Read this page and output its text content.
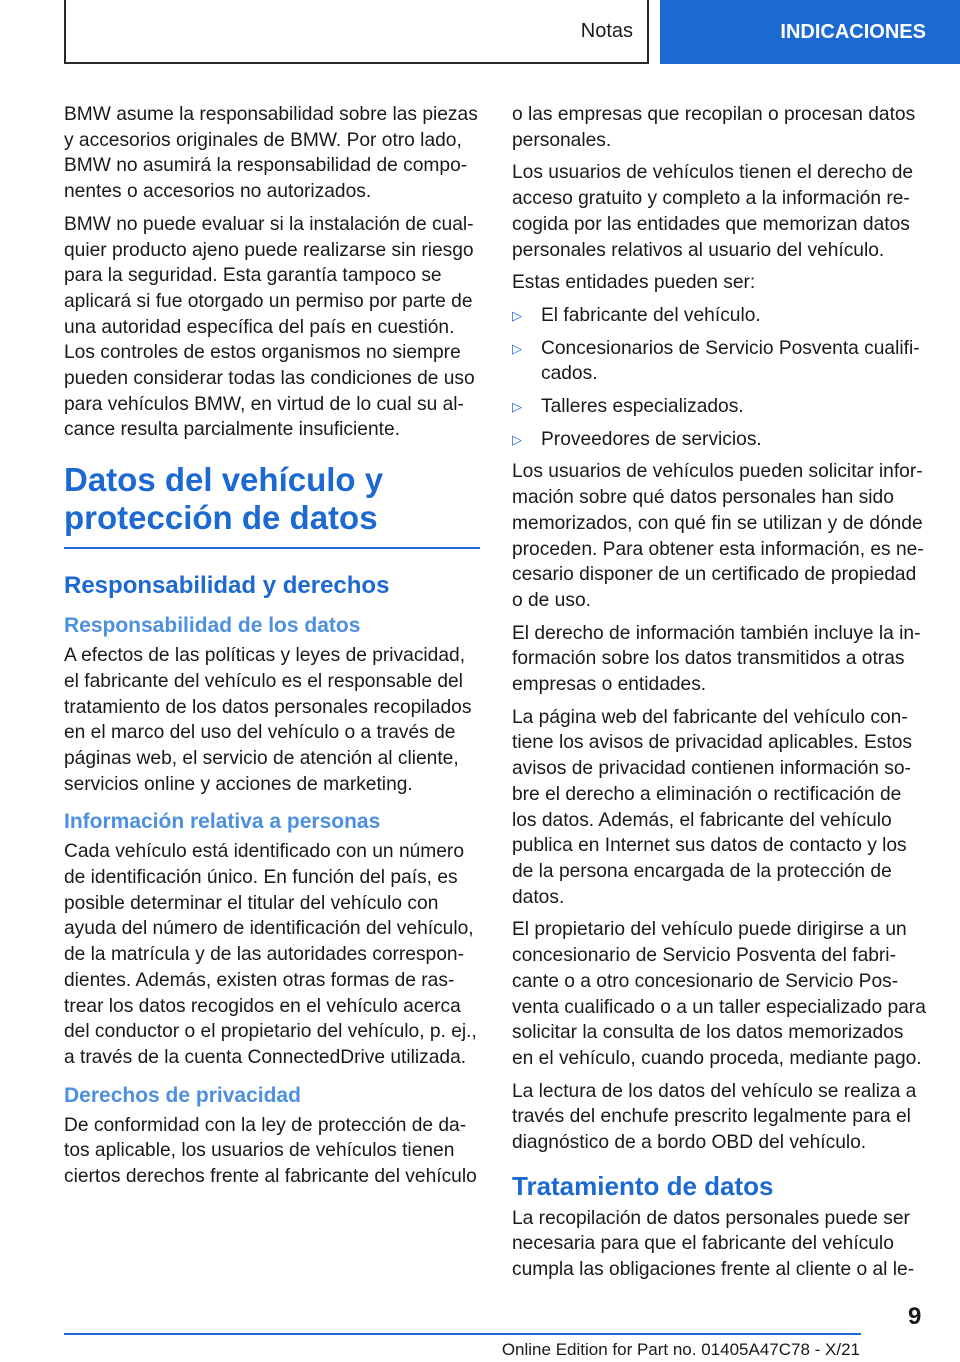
Notas	INDICACIONES

BMW asume la responsabilidad sobre las piezas y accesorios originales de BMW. Por otro lado, BMW no asumirá la responsabilidad de componentes o accesorios no autorizados.

BMW no puede evaluar si la instalación de cualquier producto ajeno puede realizarse sin riesgo para la seguridad. Esta garantía tampoco se aplicará si fue otorgado un permiso por parte de una autoridad específica del país en cuestión. Los controles de estos organismos no siempre pueden considerar todas las condiciones de uso para vehículos BMW, en virtud de lo cual su alcance resulta parcialmente insuficiente.

Datos del vehículo y protección de datos
Responsabilidad y derechos
Responsabilidad de los datos

A efectos de las políticas y leyes de privacidad, el fabricante del vehículo es el responsable del tratamiento de los datos personales recopilados en el marco del uso del vehículo o a través de páginas web, el servicio de atención al cliente, servicios online y acciones de marketing.

Información relativa a personas

Cada vehículo está identificado con un número de identificación único. En función del país, es posible determinar el titular del vehículo con ayuda del número de identificación del vehículo, de la matrícula y de las autoridades correspondientes. Además, existen otras formas de rastrear los datos recogidos en el vehículo acerca del conductor o el propietario del vehículo, p. ej., a través de la cuenta ConnectedDrive utilizada.

Derechos de privacidad

De conformidad con la ley de protección de datos aplicable, los usuarios de vehículos tienen ciertos derechos frente al fabricante del vehículo

o las empresas que recopilan o procesan datos personales.

Los usuarios de vehículos tienen el derecho de acceso gratuito y completo a la información recogida por las entidades que memorizan datos personales relativos al usuario del vehículo.

Estas entidades pueden ser:

▷ El fabricante del vehículo.
▷ Concesionarios de Servicio Posventa cualificados.
▷ Talleres especializados.
▷ Proveedores de servicios.

Los usuarios de vehículos pueden solicitar información sobre qué datos personales han sido memorizados, con qué fin se utilizan y de dónde proceden. Para obtener esta información, es necesario disponer de un certificado de propiedad o de uso.

El derecho de información también incluye la información sobre los datos transmitidos a otras empresas o entidades.

La página web del fabricante del vehículo contiene los avisos de privacidad aplicables. Estos avisos de privacidad contienen información sobre el derecho a eliminación o rectificación de los datos. Además, el fabricante del vehículo publica en Internet sus datos de contacto y los de la persona encargada de la protección de datos.

El propietario del vehículo puede dirigirse a un concesionario de Servicio Posventa del fabricante o a otro concesionario de Servicio Posventa cualificado o a un taller especializado para solicitar la consulta de los datos memorizados en el vehículo, cuando proceda, mediante pago.

La lectura de los datos del vehículo se realiza a través del enchufe prescrito legalmente para el diagnóstico de a bordo OBD del vehículo.

Tratamiento de datos

La recopilación de datos personales puede ser necesaria para que el fabricante del vehículo cumpla las obligaciones frente al cliente o al le-

9
Online Edition for Part no. 01405A47C78 - X/21
